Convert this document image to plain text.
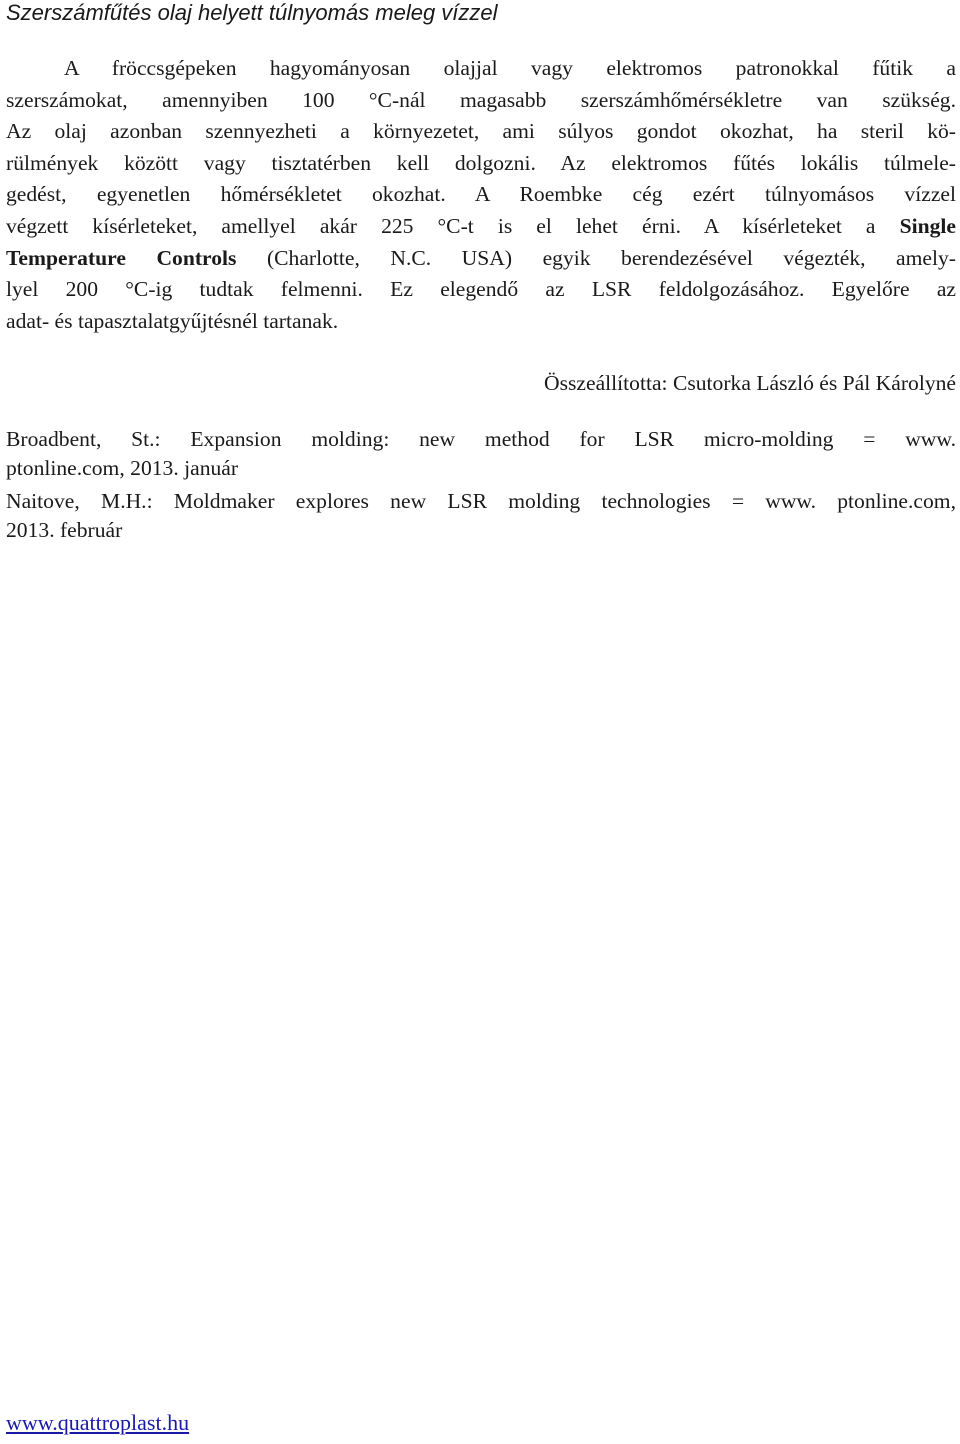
Szerszámfűtés olaj helyett túlnyomás meleg vízzel
A fröccsgépeken hagyományosan olajjal vagy elektromos patronokkal fűtik a
szerszámokat, amennyiben 100 °C-nál magasabb szerszámhőmérsékletre van szükség.
Az olaj azonban szennyezheti a környezetet, ami súlyos gondot okozhat, ha steril kö-
rülmények között vagy tisztatérben kell dolgozni. Az elektromos fűtés lokális túlmele-
gedést, egyenetlen hőmérsékletet okozhat. A Roembke cég ezért túlnyomásos vízzel
végzett kísérleteket, amellyel akár 225 °C-t is el lehet érni. A kísérleteket a Single
Temperature Controls (Charlotte, N.C. USA) egyik berendezésével végezték, amely-
lyel 200 °C-ig tudtak felmenni. Ez elegendő az LSR feldolgozásához. Egyelőre az
adat- és tapasztalatgyűjtésnél tartanak.

Összeállította: Csutorka László és Pál Károlyné

Broadbent, St.: Expansion molding: new method for LSR micro-molding = www.
ptonline.com, 2013. január
Naitove, M.H.: Moldmaker explores new LSR molding technologies = www. ptonline.com,
2013. február
www.quattroplast.hu
